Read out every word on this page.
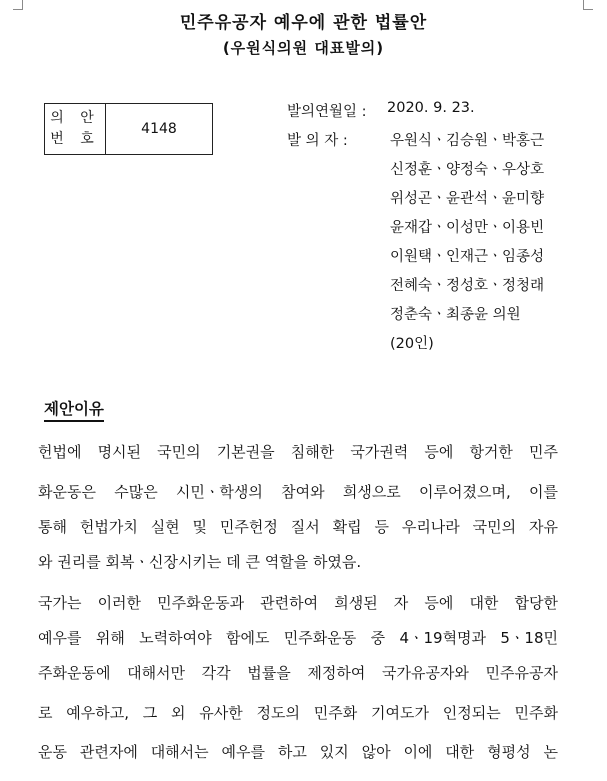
민주유공자 예우에 관한 법률안
(우원식의원 대표발의)
의 안
번 호
	4148
발의연월일 :	2020. 9. 23.
발 의 자 :	우원식ㆍ김승원ㆍ박홍근
신정훈ㆍ양정숙ㆍ우상호
위성곤ㆍ윤관석ㆍ윤미향
윤재갑ㆍ이성만ㆍ이용빈
이원택ㆍ인재근ㆍ임종성
전혜숙ㆍ정성호ㆍ정청래
정춘숙ㆍ최종윤 의원
(20인)
제안이유
헌법에 명시된 국민의 기본권을 침해한 국가권력 등에 항거한 민주
화운동은 수많은 시민ㆍ학생의 참여와 희생으로 이루어졌으며, 이를
통해 헌법가치 실현 및 민주헌정 질서 확립 등 우리나라 국민의 자유
와 권리를 회복ㆍ신장시키는 데 큰 역할을 하였음.
국가는 이러한 민주화운동과 관련하여 희생된 자 등에 대한 합당한
예우를 위해 노력하여야 함에도 민주화운동 중 4ㆍ19혁명과 5ㆍ18민
주화운동에 대해서만 각각 법률을 제정하여 국가유공자와 민주유공자
로 예우하고, 그 외 유사한 정도의 민주화 기여도가 인정되는 민주화
운동 관련자에 대해서는 예우를 하고 있지 않아 이에 대한 형평성 논
